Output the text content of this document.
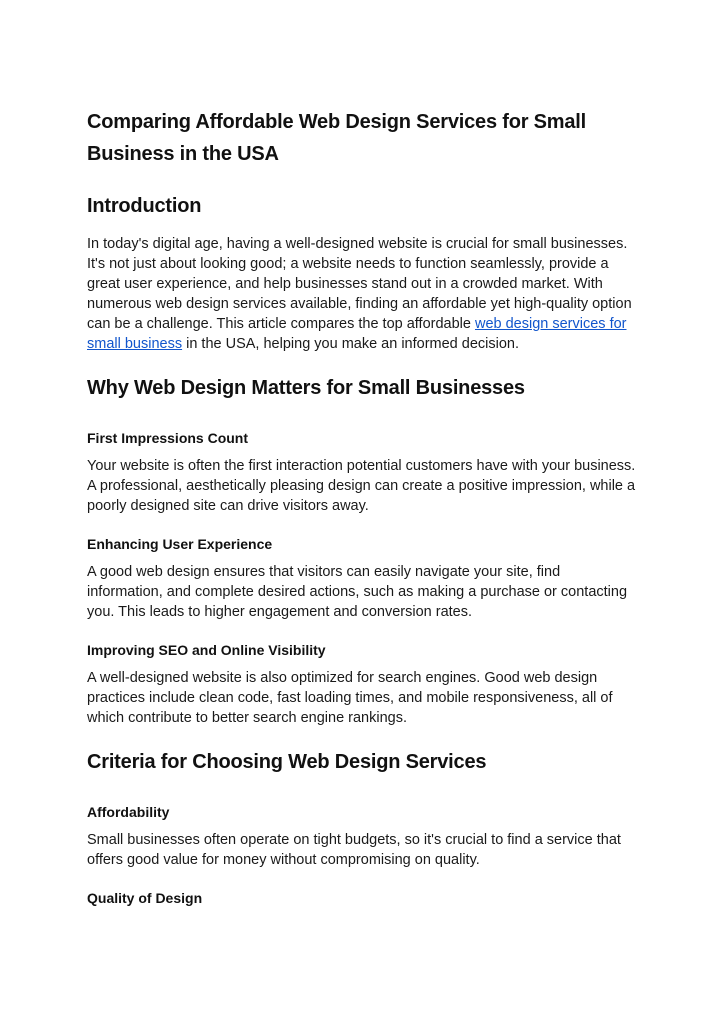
Comparing Affordable Web Design Services for Small Business in the USA
Introduction

In today's digital age, having a well-designed website is crucial for small businesses. It's not just about looking good; a website needs to function seamlessly, provide a great user experience, and help businesses stand out in a crowded market. With numerous web design services available, finding an affordable yet high-quality option can be a challenge. This article compares the top affordable web design services for small business in the USA, helping you make an informed decision.

Why Web Design Matters for Small Businesses
First Impressions Count

Your website is often the first interaction potential customers have with your business. A professional, aesthetically pleasing design can create a positive impression, while a poorly designed site can drive visitors away.

Enhancing User Experience

A good web design ensures that visitors can easily navigate your site, find information, and complete desired actions, such as making a purchase or contacting you. This leads to higher engagement and conversion rates.

Improving SEO and Online Visibility

A well-designed website is also optimized for search engines. Good web design practices include clean code, fast loading times, and mobile responsiveness, all of which contribute to better search engine rankings.

Criteria for Choosing Web Design Services
Affordability

Small businesses often operate on tight budgets, so it's crucial to find a service that offers good value for money without compromising on quality.

Quality of Design
